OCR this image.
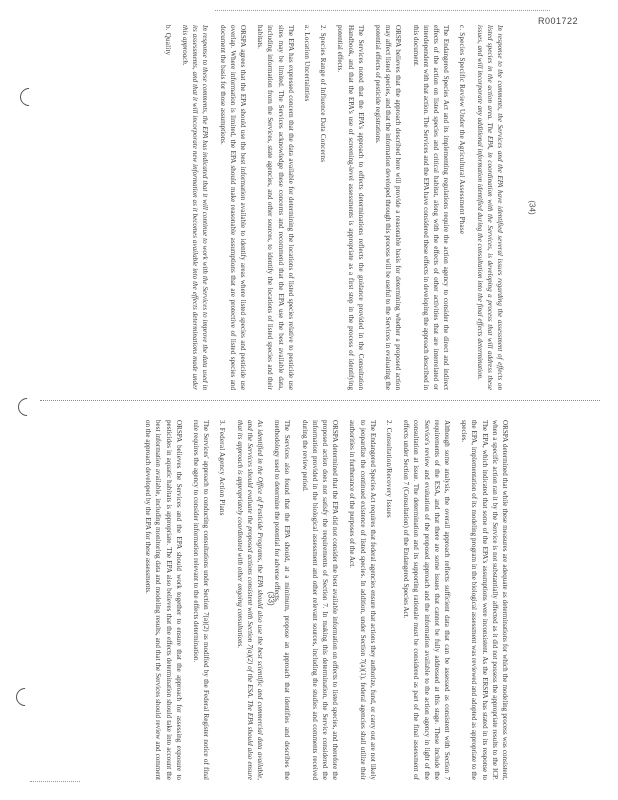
R001722
(33)
(34)

ORSPA determined that while these measures are adequate as determinations for which the modeling process was consistent, when a specific action ran it by the Service is not substantially affected as it did not possess the appropriate results to the ICP. The EPA, which indicated that some of the EPA's assumptions were inconsistent. As the ERSPA has stated in its response to the EPA, implementation of its modeling program in the biological assessment was reviewed and adopted as appropriate to the species.

Although some analysis, the overall approach reflects sufficient data that can be assessed as consistent with Section 7 requirements of the ESA, and that there are some issues that cannot be fully addressed at this stage. These include the Service's review and evaluation of the proposed approach and the information available to the action agency in light of the consultation at issue. The determination and its supporting rationale must be considered as part of the final assessment of effects under Section 7 (Consultation) of the Endangered Species Act.

2. Consultation/Recovery Issues

The Endangered Species Act requires that federal agencies ensure that actions they authorize, fund, or carry out are not likely to jeopardize the continued existence of listed species. In addition, under Section 7(a)(1), federal agencies shall utilize their authorities in furtherance of the purposes of the Act.

ORSPA determined that the EPA did not consider the best available information on effects to listed species, and therefore the proposed action does not satisfy the requirements of Section 7. In making this determination, the Service considered the information provided in the biological assessment and other relevant sources, including the studies and comments received during the review period.

The Services also found that the EPA should, at a minimum, propose an approach that identifies and describes the methodology used to determine the potential for adverse effects.

As identified in the Office of Pesticide Programs, the EPA should also use the best scientific and commercial data available, and the Services should evaluate the proposed actions consistent with Section 7(a)(2) of the ESA. The EPA should also ensure that its approach is appropriately coordinated with other ongoing consultations.

3. Federal Agency Action Plans

The Services' approach to conducting consultations under Section 7(a)(2) as modified by the Federal Register notice of final rule requires the agency to consider information relevant to the effects determination.

ORSPA believes the Services and the EPA should work together to ensure that the approach for assessing exposure to pesticides in aquatic habitats is appropriate. The EPA also believes that the effects determination should take into account the best information available, including monitoring data and modeling results, and that the Services should review and comment on the approach developed by the EPA for these assessments.

In response to the comments, the Services and the EPA have identified several issues regarding the assessment of effects on listed species in the action area. The EPA, in coordination with the Services, is developing a process that will address these issues, and will incorporate any additional information identified during the consultation into the final effects determination.

c. Species Specific Review Under the Agricultural Assessment Phase

The Endangered Species Act and its implementing regulations require the action agency to consider the direct and indirect effects of the action on listed species and critical habitat, along with the effects of other activities that are interrelated or interdependent with that action. The Services and the EPA have considered these effects in developing the approach described in this document.

ORSPA believes that the approach described here will provide a reasonable basis for determining whether a proposed action may affect listed species, and that the information developed through this process will be useful to the Services in evaluating the potential effects of pesticide registrations.

The Services noted that the EPA's approach to effects determinations reflects the guidance provided in the Consultation Handbook, and that the EPA's use of screening-level assessments is appropriate as a first step in the process of identifying potential effects.

2. Species Range of Influence Data Concerns

a. Location Uncertainties

The EPA has expressed concern that the data available for determining the locations of listed species relative to pesticide use sites may be limited. The Services acknowledge these concerns and recommend that the EPA use the best available data, including information from the Services, state agencies, and other sources, to identify the locations of listed species and their habitats.

ORSPA agrees that the EPA should use the best information available to identify areas where listed species and pesticide use overlap. Where information is limited, the EPA should make reasonable assumptions that are protective of listed species and document the basis for those assumptions.

In response to these comments, the EPA has indicated that it will continue to work with the Services to improve the data used in its assessments, and that it will incorporate new information as it becomes available into the effects determinations made under this approach.

b. Quality
